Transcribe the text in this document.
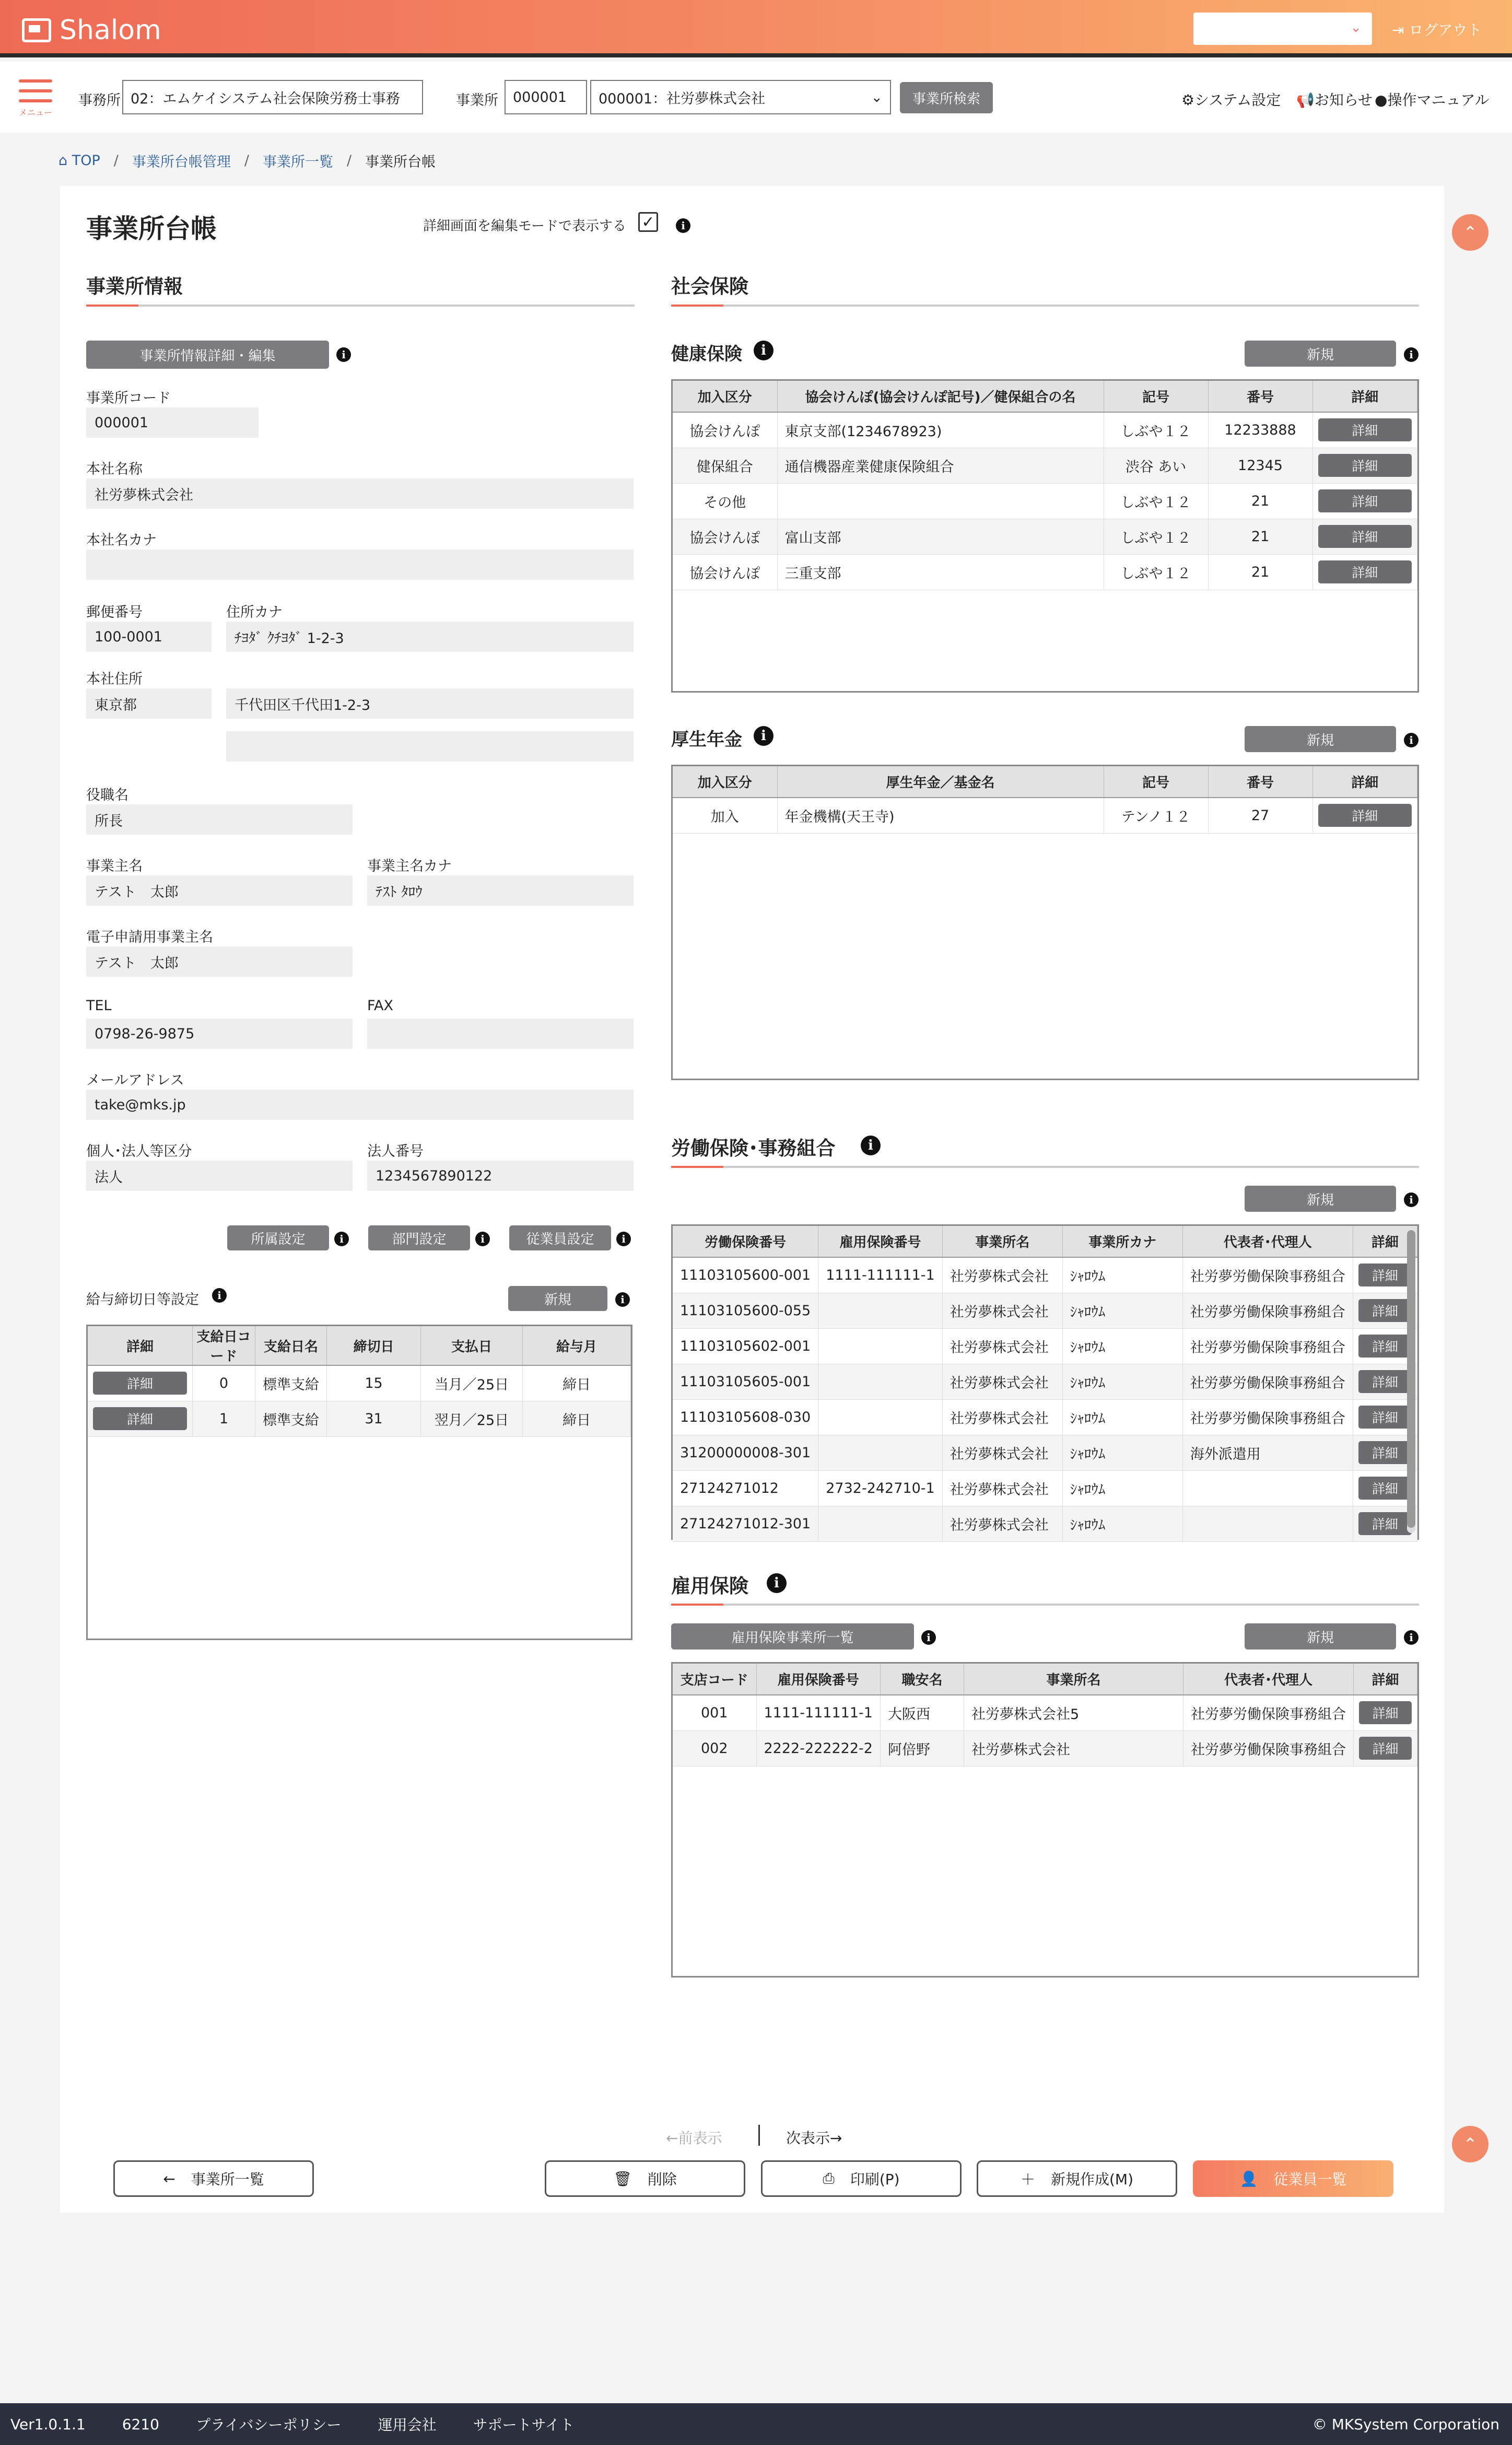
Shalom	⌄ ⇥ ログアウト
メニュー
事務所 02：エムケイシステム社会保険労務士事務	事業所	000001	000001：社労夢株式会社	⌄	事業所検索	⚙システム設定 📢お知らせ ●操作マニュアル
⌂ TOP / 事業所台帳管理 / 事業所一覧 / 事業所台帳
事業所台帳	詳細画面を編集モードで表示する ✓	i
事業所情報
事業所情報詳細・編集	i
事業所コード
000001
本社名称
社労夢株式会社
本社名カナ
郵便番号
100-0001
住所カナ
ﾁﾖﾀﾞ ｸﾁﾖﾀﾞ 1-2-3
本社住所
東京都	千代田区千代田1-2-3
役職名
所長
事業主名
テスト　太郎
事業主名カナ
ﾃｽﾄ ﾀﾛｳ
電子申請用事業主名
テスト　太郎
TEL
0798-26-9875
FAX
メールアドレス
take@mks.jp
個人･法人等区分
法人
法人番号
1234567890122
所属設定	i	部門設定	i	従業員設定	i
給与締切日等設定	i	新規	i
詳細	支給日コード	支給日名	締切日	支払日	給与月

詳細	0	標準支給	15	当月／25日	締日

詳細	1	標準支給	31	翌月／25日	締日
社会保険
健康保険	i	新規	i
加入区分	協会けんぽ(協会けんぽ記号)／健保組合の名	記号	番号	詳細
協会けんぽ	東京支部(1234678923)	しぶや１２	12233888	詳細

健保組合	通信機器産業健康保険組合	渋谷 あい	12345	詳細

その他		しぶや１２	21	詳細

協会けんぽ	富山支部	しぶや１２	21	詳細

協会けんぽ	三重支部	しぶや１２	21	詳細
厚生年金	i	新規	i
加入区分	厚生年金／基金名	記号	番号	詳細
加入	年金機構(天王寺)	テンノ１２	27	詳細
労働保険･事務組合	i
新規	i
労働保険番号	雇用保険番号	事業所名	事業所カナ	代表者･代理人	詳細
11103105600-001	1111-111111-1	社労夢株式会社	ｼｬﾛｳﾑ	社労夢労働保険事務組合	詳細

11103105600-055		社労夢株式会社	ｼｬﾛｳﾑ	社労夢労働保険事務組合	詳細

11103105602-001		社労夢株式会社	ｼｬﾛｳﾑ	社労夢労働保険事務組合	詳細

11103105605-001		社労夢株式会社	ｼｬﾛｳﾑ	社労夢労働保険事務組合	詳細

11103105608-030		社労夢株式会社	ｼｬﾛｳﾑ	社労夢労働保険事務組合	詳細

31200000008-301		社労夢株式会社	ｼｬﾛｳﾑ	海外派遣用	詳細

27124271012	2732-242710-1	社労夢株式会社	ｼｬﾛｳﾑ		詳細

27124271012-301		社労夢株式会社	ｼｬﾛｳﾑ		詳細
雇用保険	i
雇用保険事業所一覧	i	新規	i
支店コード	雇用保険番号	職安名	事業所名	代表者･代理人	詳細
001	1111-111111-1	大阪西	社労夢株式会社5	社労夢労働保険事務組合	詳細

002	2222-222222-2	阿倍野	社労夢株式会社	社労夢労働保険事務組合	詳細
←前表示	次表示→
← 事業所一覧	🗑 削除	⎙ 印刷(P)	＋ 新規作成(M)	👤 従業員一覧
⌃
⌃
Ver1.0.1.1	6210	プライバシーポリシー	運用会社	サポートサイト	© MKSystem Corporation
